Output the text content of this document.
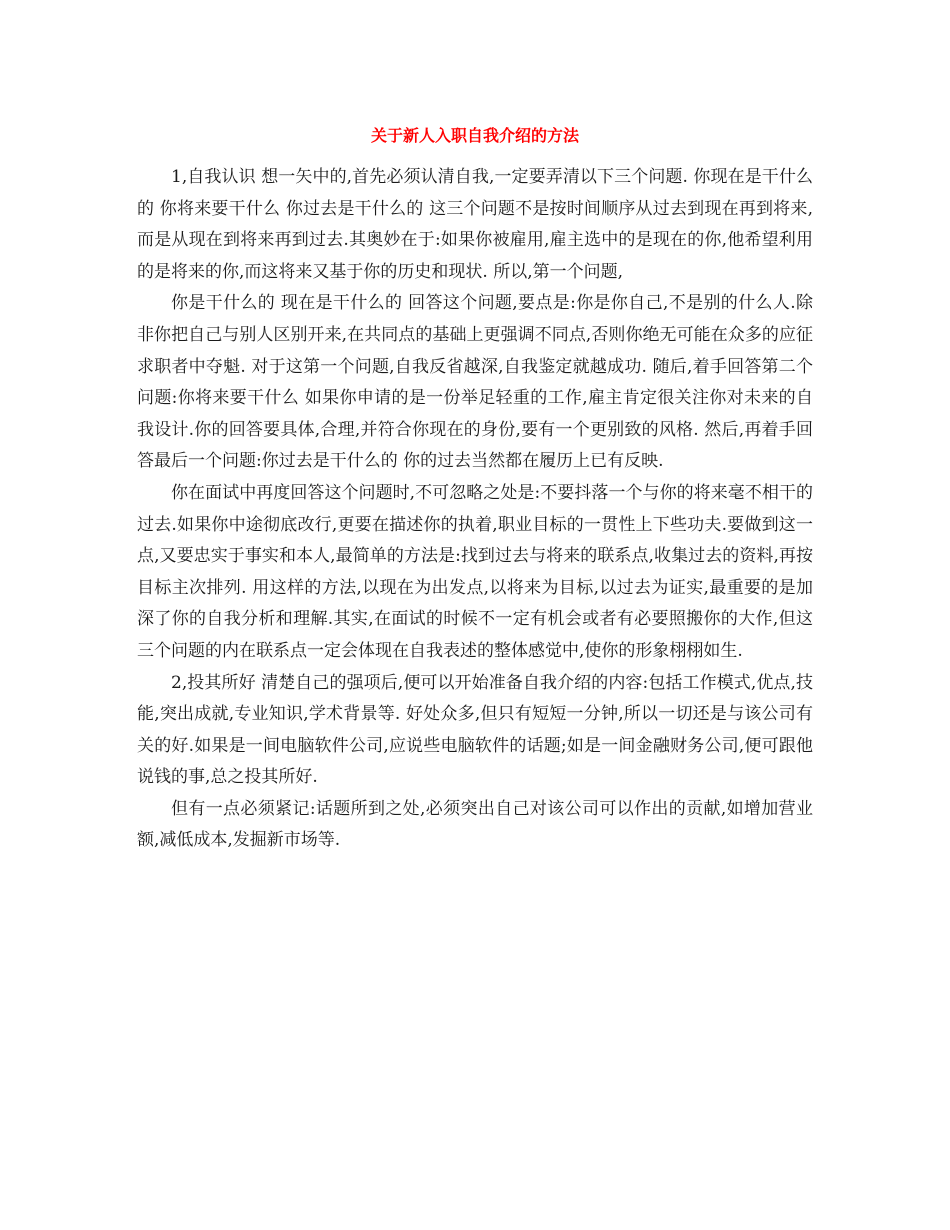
关于新人入职自我介绍的方法

1,自我认识 想一矢中的,首先必须认清自我,一定要弄清以下三个问题. 你现在是干什么的 你将来要干什么 你过去是干什么的 这三个问题不是按时间顺序从过去到现在再到将来,而是从现在到将来再到过去.其奥妙在于:如果你被雇用,雇主选中的是现在的你,他希望利用的是将来的你,而这将来又基于你的历史和现状. 所以,第一个问题,

你是干什么的 现在是干什么的 回答这个问题,要点是:你是你自己,不是别的什么人.除非你把自己与别人区别开来,在共同点的基础上更强调不同点,否则你绝无可能在众多的应征求职者中夺魁. 对于这第一个问题,自我反省越深,自我鉴定就越成功. 随后,着手回答第二个问题:你将来要干什么 如果你申请的是一份举足轻重的工作,雇主肯定很关注你对未来的自我设计.你的回答要具体,合理,并符合你现在的身份,要有一个更别致的风格. 然后,再着手回答最后一个问题:你过去是干什么的 你的过去当然都在履历上已有反映.

你在面试中再度回答这个问题时,不可忽略之处是:不要抖落一个与你的将来毫不相干的过去.如果你中途彻底改行,更要在描述你的执着,职业目标的一贯性上下些功夫.要做到这一点,又要忠实于事实和本人,最简单的方法是:找到过去与将来的联系点,收集过去的资料,再按目标主次排列. 用这样的方法,以现在为出发点,以将来为目标,以过去为证实,最重要的是加深了你的自我分析和理解.其实,在面试的时候不一定有机会或者有必要照搬你的大作,但这三个问题的内在联系点一定会体现在自我表述的整体感觉中,使你的形象栩栩如生.

2,投其所好 清楚自己的强项后,便可以开始准备自我介绍的内容:包括工作模式,优点,技能,突出成就,专业知识,学术背景等. 好处众多,但只有短短一分钟,所以一切还是与该公司有关的好.如果是一间电脑软件公司,应说些电脑软件的话题;如是一间金融财务公司,便可跟他说钱的事,总之投其所好.

但有一点必须紧记:话题所到之处,必须突出自己对该公司可以作出的贡献,如增加营业额,减低成本,发掘新市场等.
